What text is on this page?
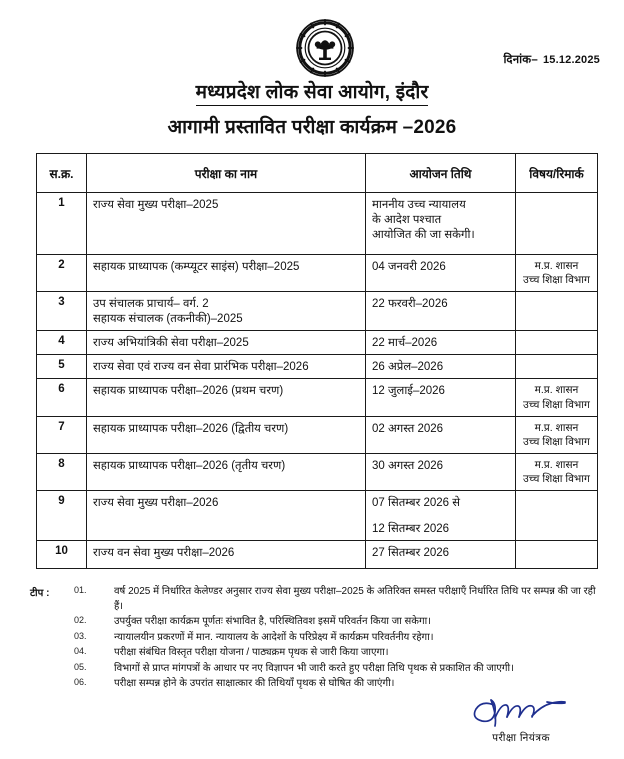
दिनांक– 15.12.2025
मध्यप्रदेश लोक सेवा आयोग, इंदौर
आगामी प्रस्तावित परीक्षा कार्यक्रम –2026
स.क्र.	परीक्षा का नाम	आयोजन तिथि	विषय/रिमार्क
1	राज्य सेवा मुख्य परीक्षा–2025	माननीय उच्च न्यायालय
के आदेश पश्चात
आयोजित की जा सकेगी।	

2	सहायक प्राध्यापक (कम्प्यूटर साइंस) परीक्षा–2025	04 जनवरी 2026	म.प्र. शासन
उच्च शिक्षा विभाग

3	उप संचालक प्राचार्य– वर्ग. 2
सहायक संचालक (तकनीकी)–2025	22 फरवरी–2026	

4	राज्य अभियांत्रिकी सेवा परीक्षा–2025	22 मार्च–2026	

5	राज्य सेवा एवं राज्य वन सेवा प्रारंभिक परीक्षा–2026	26 अप्रेल–2026	

6	सहायक प्राध्यापक परीक्षा–2026 (प्रथम चरण)	12 जुलाई–2026	म.प्र. शासन
उच्च शिक्षा विभाग

7	सहायक प्राध्यापक परीक्षा–2026 (द्वितीय चरण)	02 अगस्त 2026	म.प्र. शासन
उच्च शिक्षा विभाग

8	सहायक प्राध्यापक परीक्षा–2026 (तृतीय चरण)	30 अगस्त 2026	म.प्र. शासन
उच्च शिक्षा विभाग

9	राज्य सेवा मुख्य परीक्षा–2026	07 सितम्बर 2026 से
12 सितम्बर 2026	

10	राज्य वन सेवा मुख्य परीक्षा–2026	27 सितम्बर 2026	

टीप :	01.	वर्ष 2025 में निर्धारित केलेण्डर अनुसार राज्य सेवा मुख्य परीक्षा–2025 के अतिरिक्त समस्त परीक्षाएँ निर्धारित तिथि पर सम्पन्न की जा रही हैं।
02.	उपर्युक्त परीक्षा कार्यक्रम पूर्णतः संभावित है, परिस्थितिवश इसमें परिवर्तन किया जा सकेगा।
03.	न्यायालयीन प्रकरणों में मान. न्यायालय के आदेशों के परिप्रेक्ष्य में कार्यक्रम परिवर्तनीय रहेगा।
04.	परीक्षा संबंधित विस्तृत परीक्षा योजना / पाठ्यक्रम पृथक से जारी किया जाएगा।
05.	विभागों से प्राप्त मांगपत्रों के आधार पर नए विज्ञापन भी जारी करते हुए परीक्षा तिथि पृथक से प्रकाशित की जाएगी।
06.	परीक्षा सम्पन्न होने के उपरांत साक्षात्कार की तिथियाँ पृथक से घोषित की जाएंगी।
परीक्षा नियंत्रक
